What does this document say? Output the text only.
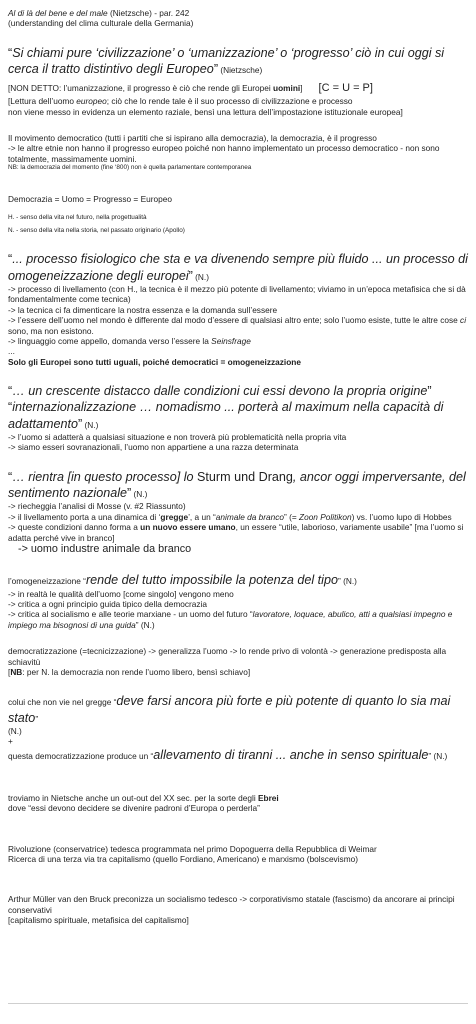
Al di là del bene e del male (Nietzsche) - par. 242

(understanding del clima culturale della Germania)

“Si chiami pure ‘civilizzazione’ o ‘umanizzazione’ o ‘progresso’ ciò in cui oggi si cerca il tratto distintivo degli Europeo” (Nietzsche)

[NON DETTO: l’umanizzazione, il progresso è ciò che rende gli Europei uomini] [C = U = P]

[Lettura dell’uomo europeo; ciò che lo rende tale è il suo processo di civilizzazione e processo

non viene messo in evidenza un elemento raziale, bensì una lettura dell’impostazione istituzionale europea]

Il movimento democratico (tutti i partiti che si ispirano alla democrazia), la democrazia, è il progresso

-> le altre etnie non hanno il progresso europeo poiché non hanno implementato un processo democratico - non sono totalmente, massimamente uomini.

NB: la democrazia del momento (fine ‘800) non è quella parlamentare contemporanea

Democrazia = Uomo = Progresso = Europeo

H. - senso della vita nel futuro, nella progettualità

N. - senso della vita nella storia, nel passato originario (Apollo)

“... processo fisiologico che sta e va divenendo sempre più fluido ... un processo di omogeneizzazione degli europei” (N.)

-> processo di livellamento (con H., la tecnica è il mezzo più potente di livellamento; viviamo in un’epoca metafisica che si dà fondamentalmente come tecnica)

-> la tecnica ci fa dimenticare la nostra essenza e la domanda sull’essere

-> l’essere dell’uomo nel mondo è differente dal modo d’essere di qualsiasi altro ente; solo l’uomo esiste, tutte le altre cose ci sono, ma non esistono.

-> linguaggio come appello, domanda verso l’essere la Seinsfrage

...

Solo gli Europei sono tutti uguali, poiché democratici = omogeneizzazione

“… un crescente distacco dalle condizioni cui essi devono la propria origine” “internazionalizzazione … nomadismo ... porterà al maximum nella capacità di adattamento” (N.)

-> l’uomo si adatterà a qualsiasi situazione e non troverà più problematicità nella propria vita

-> siamo esseri sovranazionali, l’uomo non appartiene a una razza determinata

“… rientra [in questo processo] lo Sturm und Drang, ancor oggi imperversante, del sentimento nazionale” (N.)

-> riecheggia l’analisi di Mosse (v. #2 Riassunto)

-> il livellamento porta a una dinamica di ‘gregge’, a un “animale da branco” (= Zoon Politikon) vs. l’uomo lupo di Hobbes

-> queste condizioni danno forma a un nuovo essere umano, un essere “utile, laborioso, variamente usabile” [ma l’uomo si adatta perché vive in branco]

-> uomo industre animale da branco

l’omogeneizzazione “rende del tutto impossibile la potenza del tipo” (N.)

-> in realtà le qualità dell’uomo [come singolo] vengono meno

-> critica a ogni principio guida tipico della democrazia

-> critica al socialismo e alle teorie marxiane - un uomo del futuro “lavoratore, loquace, abulico, atti a qualsiasi impegno e impiego ma bisognosi di una guida” (N.)

democratizzazione (=tecnicizzazione) -> generalizza l’uomo -> lo rende privo di volontà -> generazione predisposta alla schiavitù

[NB: per N. la democrazia non rende l’uomo libero, bensì schiavo]

colui che non vie nel gregge “deve farsi ancora più forte e più potente di quanto lo sia mai stato”

(N.)

+

questa democratizzazione produce un “allevamento di tiranni ... anche in senso spirituale” (N.)

troviamo in Nietsche anche un out-out del XX sec. per la sorte degli Ebrei

dove “essi devono decidere se divenire padroni d’Europa o perderla”

Rivoluzione (conservatrice) tedesca programmata nel primo Dopoguerra della Repubblica di Weimar

Ricerca di una terza via tra capitalismo (quello Fordiano, Americano) e marxismo (bolscevismo)

Arthur Müller van den Bruck preconizza un socialismo tedesco -> corporativismo statale (fascismo) da ancorare ai principi conservativi

[capitalismo spirituale, metafisica del capitalismo]
